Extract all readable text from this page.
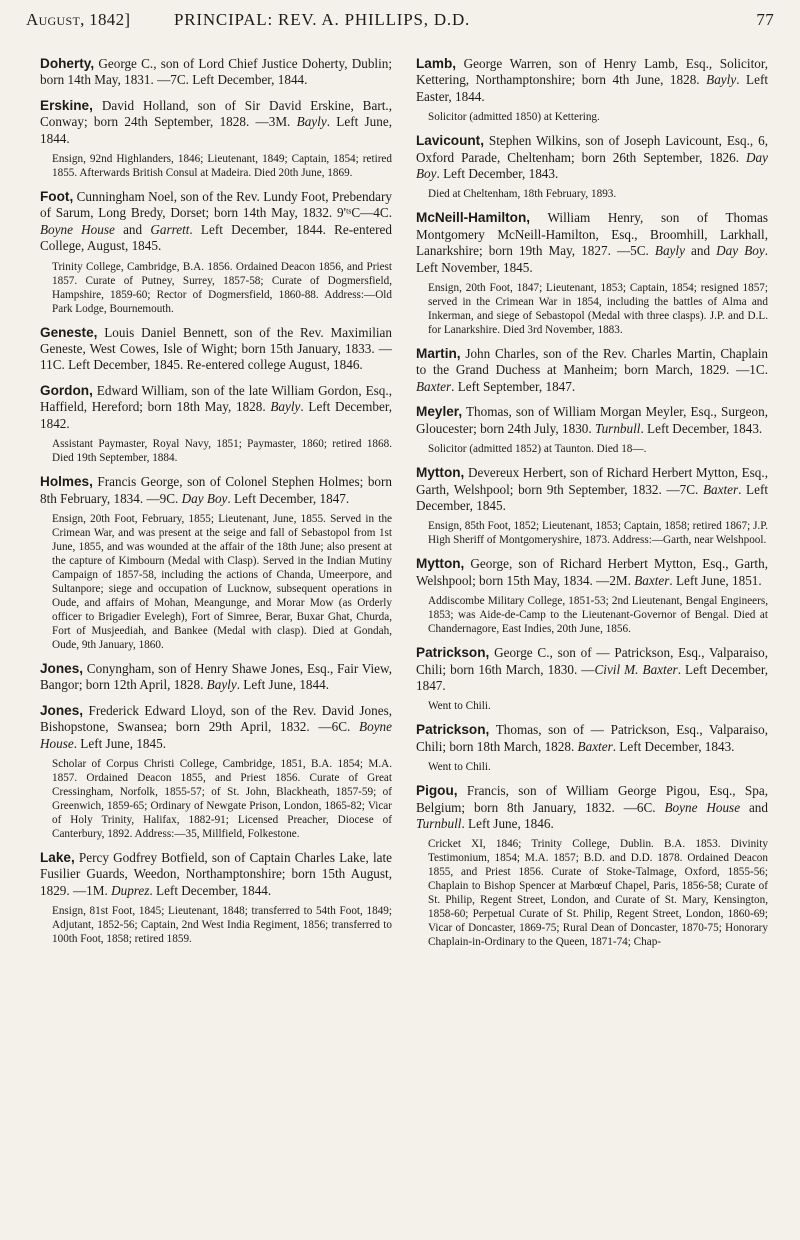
August, 1842]	PRINCIPAL: REV. A. PHILLIPS, D.D.	77
Doherty, George C., son of Lord Chief Justice Doherty, Dublin; born 14th May, 1831. —7C. Left December, 1844.
Erskine, David Holland, son of Sir David Erskine, Bart., Conway; born 24th September, 1828. —3M. Bayly. Left June, 1844.
Ensign, 92nd Highlanders, 1846; Lieutenant, 1849; Captain, 1854; retired 1855. Afterwards British Consul at Madeira. Died 20th June, 1869.
Foot, Cunningham Noel, son of the Rev. Lundy Foot, Prebendary of Sarum, Long Bredy, Dorset; born 14th May, 1832. 9'ᵗˢC—4C. Boyne House and Garrett. Left December, 1844. Re-entered College, August, 1845.
Trinity College, Cambridge, B.A. 1856. Ordained Deacon 1856, and Priest 1857. Curate of Putney, Surrey, 1857-58; Curate of Dogmersfield, Hampshire, 1859-60; Rector of Dogmersfield, 1860-88. Address:—Old Park Lodge, Bournemouth.
Geneste, Louis Daniel Bennett, son of the Rev. Maximilian Geneste, West Cowes, Isle of Wight; born 15th January, 1833. —11C. Left December, 1845. Re-entered college August, 1846.
Gordon, Edward William, son of the late William Gordon, Esq., Haffield, Hereford; born 18th May, 1828. Bayly. Left December, 1842.
Assistant Paymaster, Royal Navy, 1851; Paymaster, 1860; retired 1868. Died 19th September, 1884.
Holmes, Francis George, son of Colonel Stephen Holmes; born 8th February, 1834. —9C. Day Boy. Left December, 1847.
Ensign, 20th Foot, February, 1855; Lieutenant, June, 1855. Served in the Crimean War, and was present at the seige and fall of Sebastopol from 1st June, 1855, and was wounded at the affair of the 18th June; also present at the capture of Kimbourn (Medal with Clasp). Served in the Indian Mutiny Campaign of 1857-58, including the actions of Chanda, Umeerpore, and Sultanpore; siege and occupation of Lucknow, subsequent operations in Oude, and affairs of Mohan, Meangunge, and Morar Mow (as Orderly officer to Brigadier Evelegh), Fort of Simree, Berar, Buxar Ghat, Churda, Fort of Musjeediah, and Bankee (Medal with clasp). Died at Gondah, Oude, 9th January, 1860.
Jones, Conyngham, son of Henry Shawe Jones, Esq., Fair View, Bangor; born 12th April, 1828. Bayly. Left June, 1844.
Jones, Frederick Edward Lloyd, son of the Rev. David Jones, Bishopstone, Swansea; born 29th April, 1832. —6C. Boyne House. Left June, 1845.
Scholar of Corpus Christi College, Cambridge, 1851, B.A. 1854; M.A. 1857. Ordained Deacon 1855, and Priest 1856. Curate of Great Cressingham, Norfolk, 1855-57; of St. John, Blackheath, 1857-59; of Greenwich, 1859-65; Ordinary of Newgate Prison, London, 1865-82; Vicar of Holy Trinity, Halifax, 1882-91; Licensed Preacher, Diocese of Canterbury, 1892. Address:—35, Millfield, Folkestone.
Lake, Percy Godfrey Botfield, son of Captain Charles Lake, late Fusilier Guards, Weedon, Northamptonshire; born 15th August, 1829. —1M. Duprez. Left December, 1844.
Ensign, 81st Foot, 1845; Lieutenant, 1848; transferred to 54th Foot, 1849; Adjutant, 1852-56; Captain, 2nd West India Regiment, 1856; transferred to 100th Foot, 1858; retired 1859.
Lamb, George Warren, son of Henry Lamb, Esq., Solicitor, Kettering, Northamptonshire; born 4th June, 1828. Bayly. Left Easter, 1844.
Solicitor (admitted 1850) at Kettering.
Lavicount, Stephen Wilkins, son of Joseph Lavicount, Esq., 6, Oxford Parade, Cheltenham; born 26th September, 1826. Day Boy. Left December, 1843.
Died at Cheltenham, 18th February, 1893.
McNeill-Hamilton, William Henry, son of Thomas Montgomery McNeill-Hamilton, Esq., Broomhill, Larkhall, Lanarkshire; born 19th May, 1827. —5C. Bayly and Day Boy. Left November, 1845.
Ensign, 20th Foot, 1847; Lieutenant, 1853; Captain, 1854; resigned 1857; served in the Crimean War in 1854, including the battles of Alma and Inkerman, and siege of Sebastopol (Medal with three clasps). J.P. and D.L. for Lanarkshire. Died 3rd November, 1883.
Martin, John Charles, son of the Rev. Charles Martin, Chaplain to the Grand Duchess at Manheim; born March, 1829. —1C. Baxter. Left September, 1847.
Meyler, Thomas, son of William Morgan Meyler, Esq., Surgeon, Gloucester; born 24th July, 1830. Turnbull. Left December, 1843.
Solicitor (admitted 1852) at Taunton. Died 18—.
Mytton, Devereux Herbert, son of Richard Herbert Mytton, Esq., Garth, Welshpool; born 9th September, 1832. —7C. Baxter. Left December, 1845.
Ensign, 85th Foot, 1852; Lieutenant, 1853; Captain, 1858; retired 1867; J.P. High Sheriff of Montgomeryshire, 1873. Address:—Garth, near Welshpool.
Mytton, George, son of Richard Herbert Mytton, Esq., Garth, Welshpool; born 15th May, 1834. —2M. Baxter. Left June, 1851.
Addiscombe Military College, 1851-53; 2nd Lieutenant, Bengal Engineers, 1853; was Aide-de-Camp to the Lieutenant-Governor of Bengal. Died at Chandernagore, East Indies, 20th June, 1856.
Patrickson, George C., son of — Patrickson, Esq., Valparaiso, Chili; born 16th March, 1830. —Civil M. Baxter. Left December, 1847.
Went to Chili.
Patrickson, Thomas, son of — Patrickson, Esq., Valparaiso, Chili; born 18th March, 1828. Baxter. Left December, 1843.
Went to Chili.
Pigou, Francis, son of William George Pigou, Esq., Spa, Belgium; born 8th January, 1832. —6C. Boyne House and Turnbull. Left June, 1846.
Cricket XI, 1846; Trinity College, Dublin. B.A. 1853. Divinity Testimonium, 1854; M.A. 1857; B.D. and D.D. 1878. Ordained Deacon 1855, and Priest 1856. Curate of Stoke-Talmage, Oxford, 1855-56; Chaplain to Bishop Spencer at Marbœuf Chapel, Paris, 1856-58; Curate of St. Philip, Regent Street, London, and Curate of St. Mary, Kensington, 1858-60; Perpetual Curate of St. Philip, Regent Street, London, 1860-69; Vicar of Doncaster, 1869-75; Rural Dean of Doncaster, 1870-75; Honorary Chaplain-in-Ordinary to the Queen, 1871-74; Chap-
